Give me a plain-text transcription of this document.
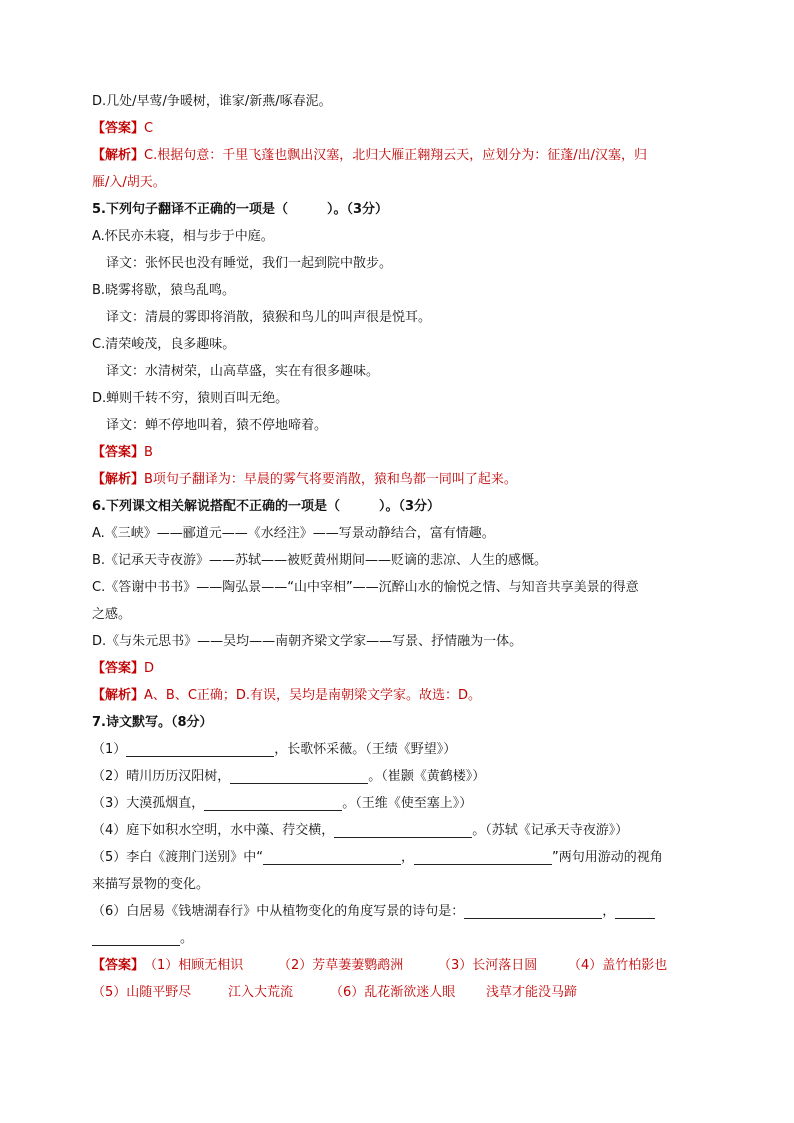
D.几处/早莺/争暖树，谁家/新燕/啄春泥。
【答案】C
【解析】C.根据句意：千里飞蓬也飘出汉塞，北归大雁正翱翔云天，应划分为：征蓬/出/汉塞，归
雁/入/胡天。
5.下列句子翻译不正确的一项是（　　　）。（3分）
A.怀民亦未寝，相与步于中庭。
译文：张怀民也没有睡觉，我们一起到院中散步。
B.晓雾将歇，猿鸟乱鸣。
译文：清晨的雾即将消散，猿猴和鸟儿的叫声很是悦耳。
C.清荣峻茂，良多趣味。
译文：水清树荣，山高草盛，实在有很多趣味。
D.蝉则千转不穷，猿则百叫无绝。
译文：蝉不停地叫着，猿不停地啼着。
【答案】B
【解析】B项句子翻译为：早晨的雾气将要消散，猿和鸟都一同叫了起来。
6.下列课文相关解说搭配不正确的一项是（　　　）。（3分）
A.《三峡》——郦道元——《水经注》——写景动静结合，富有情趣。
B.《记承天寺夜游》——苏轼——被贬黄州期间——贬谪的悲凉、人生的感慨。
C.《答谢中书书》——陶弘景——“山中宰相”——沉醉山水的愉悦之情、与知音共享美景的得意
之感。
D.《与朱元思书》——吴均——南朝齐梁文学家——写景、抒情融为一体。
【答案】D
【解析】A、B、C正确；D.有误，吴均是南朝梁文学家。故选：D。
7.诗文默写。（8分）
（1）	，长歌怀采薇。（王绩《野望》）
（2）晴川历历汉阳树，	。（崔颢《黄鹤楼》）
（3）大漠孤烟直，	。（王维《使至塞上》）
（4）庭下如积水空明，水中藻、荇交横，	。（苏轼《记承天寺夜游》）
（5）李白《渡荆门送别》中“	，	”两句用游动的视角
来描写景物的变化。
（6）白居易《钱塘湖春行》中从植物变化的角度写景的诗句是：	，
。
【答案】（1）相顾无相识	（2）芳草萋萋鹦鹉洲	（3）长河落日圆 （4）盖竹柏影也
（5）山随平野尽	江入大荒流	（6）乱花渐欲迷人眼 浅草才能没马蹄
